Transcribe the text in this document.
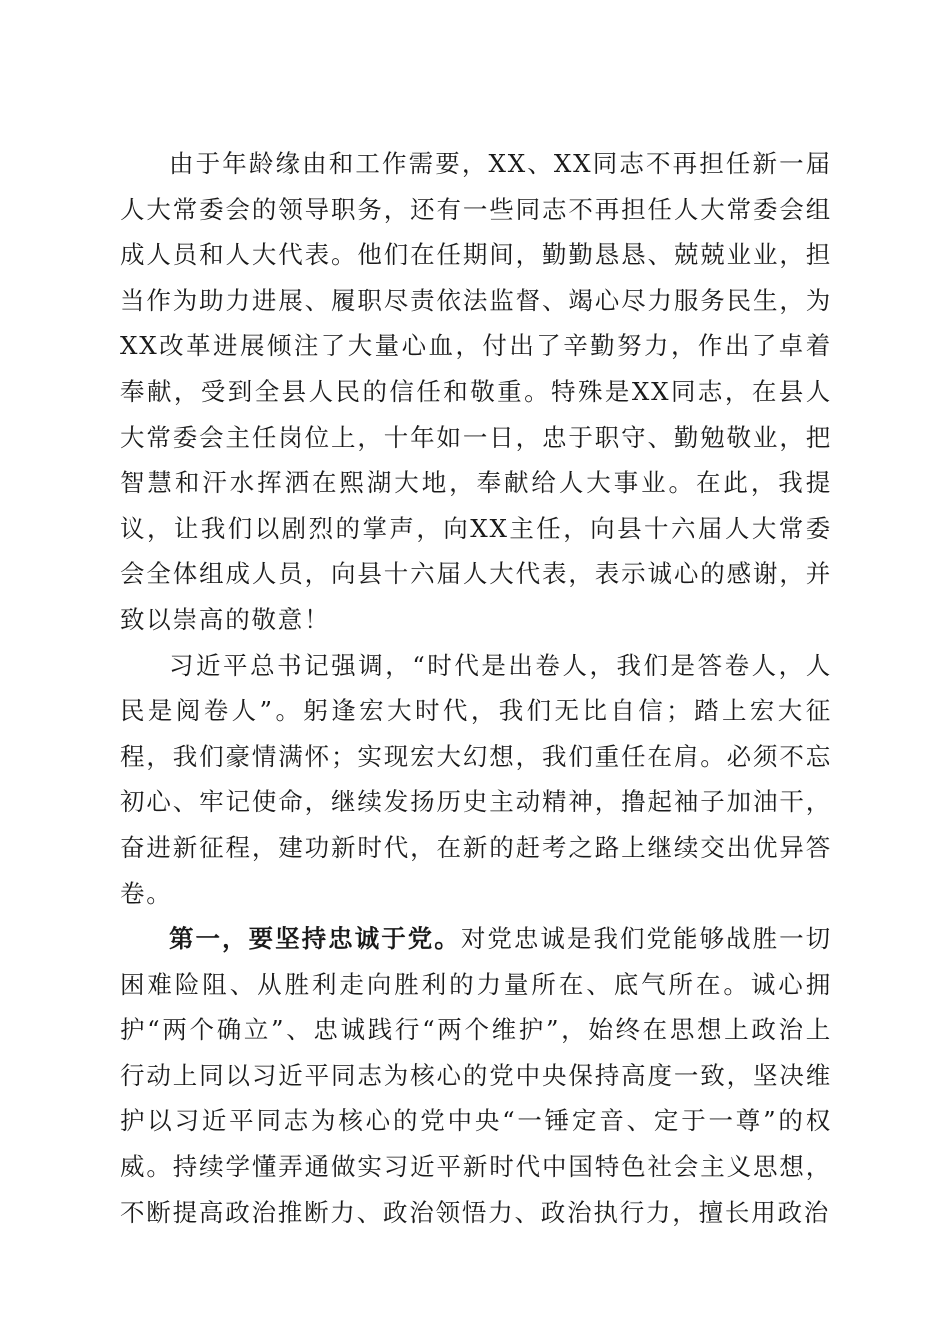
由于年龄缘由和工作需要，XX、XX同志不再担任新一届人大常委会的领导职务，还有一些同志不再担任人大常委会组成人员和人大代表。他们在任期间，勤勤恳恳、兢兢业业，担当作为助力进展、履职尽责依法监督、竭心尽力服务民生，为XX改革进展倾注了大量心血，付出了辛勤努力，作出了卓着奉献，受到全县人民的信任和敬重。特殊是XX同志，在县人大常委会主任岗位上，十年如一日，忠于职守、勤勉敬业，把智慧和汗水挥洒在熙湖大地，奉献给人大事业。在此，我提议，让我们以剧烈的掌声，向XX主任，向县十六届人大常委会全体组成人员，向县十六届人大代表，表示诚心的感谢，并致以崇高的敬意！

习近平总书记强调，“时代是出卷人，我们是答卷人，人民是阅卷人”。躬逢宏大时代，我们无比自信；踏上宏大征程，我们豪情满怀；实现宏大幻想，我们重任在肩。必须不忘初心、牢记使命，继续发扬历史主动精神，撸起袖子加油干，奋进新征程，建功新时代，在新的赶考之路上继续交出优异答卷。

第一，要坚持忠诚于党。对党忠诚是我们党能够战胜一切困难险阻、从胜利走向胜利的力量所在、底气所在。诚心拥护“两个确立”、忠诚践行“两个维护”，始终在思想上政治上行动上同以习近平同志为核心的党中央保持高度一致，坚决维护以习近平同志为核心的党中央“一锤定音、定于一尊”的权威。持续学懂弄通做实习近平新时代中国特色社会主义思想，不断提高政治推断力、政治领悟力、政治执行力，擅长用政治
